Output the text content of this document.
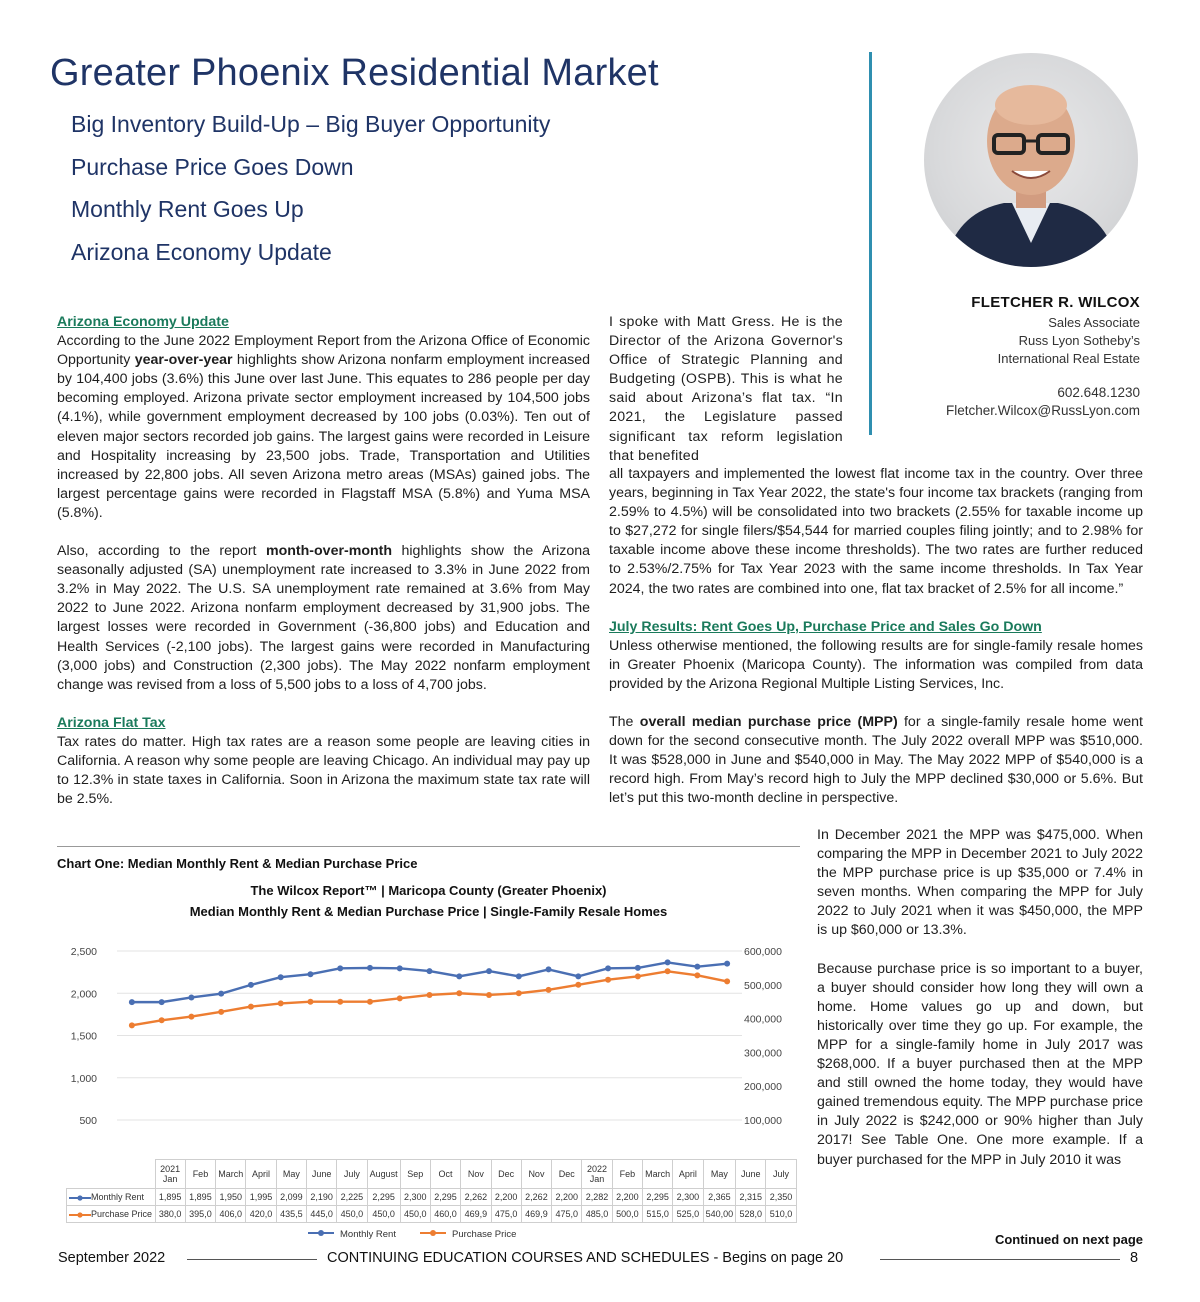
Greater Phoenix Residential Market
Big Inventory Build-Up – Big Buyer Opportunity
Purchase Price Goes Down
Monthly Rent Goes Up
Arizona Economy Update
FLETCHER R. WILCOX
Sales Associate
Russ Lyon Sotheby’s
International Real Estate
602.648.1230
Fletcher.Wilcox@RussLyon.com

Arizona Economy Update

According to the June 2022 Employment Report from the Arizona Office of Economic Opportunity year-over-year highlights show Arizona nonfarm employment increased by 104,400 jobs (3.6%) this June over last June. This equates to 286 people per day becoming employed. Arizona private sector employment increased by 104,500 jobs (4.1%), while government employment decreased by 100 jobs (0.03%). Ten out of eleven major sectors recorded job gains. The largest gains were recorded in Leisure and Hospitality increasing by 23,500 jobs. Trade, Transportation and Utilities increased by 22,800 jobs. All seven Arizona metro areas (MSAs) gained jobs. The largest percentage gains were recorded in Flagstaff MSA (5.8%) and Yuma MSA (5.8%).

Also, according to the report month-over-month highlights show the Arizona seasonally adjusted (SA) unemployment rate increased to 3.3% in June 2022 from 3.2% in May 2022. The U.S. SA unemployment rate remained at 3.6% from May 2022 to June 2022. Arizona nonfarm employment decreased by 31,900 jobs. The largest losses were recorded in Government (-36,800 jobs) and Education and Health Services (-2,100 jobs). The largest gains were recorded in Manufacturing (3,000 jobs) and Construction (2,300 jobs). The May 2022 nonfarm employment change was revised from a loss of 5,500 jobs to a loss of 4,700 jobs.

Arizona Flat Tax

Tax rates do matter. High tax rates are a reason some people are leaving cities in California. A reason why some people are leaving Chicago. An individual may pay up to 12.3% in state taxes in California. Soon in Arizona the maximum state tax rate will be 2.5%.

I spoke with Matt Gress. He is the Director of the Arizona Governor's Office of Strategic Planning and Budgeting (OSPB). This is what he said about Arizona’s flat tax. “In 2021, the Legislature passed significant tax reform legislation that benefited

all taxpayers and implemented the lowest flat income tax in the country. Over three years, beginning in Tax Year 2022, the state's four income tax brackets (ranging from 2.59% to 4.5%) will be consolidated into two brackets (2.55% for taxable income up to $27,272 for single filers/$54,544 for married couples filing jointly; and to 2.98% for taxable income above these income thresholds). The two rates are further reduced to 2.53%/2.75% for Tax Year 2023 with the same income thresholds. In Tax Year 2024, the two rates are combined into one, flat tax bracket of 2.5% for all income.”

July Results: Rent Goes Up, Purchase Price and Sales Go Down

Unless otherwise mentioned, the following results are for single-family resale homes in Greater Phoenix (Maricopa County). The information was compiled from data provided by the Arizona Regional Multiple Listing Services, Inc.

The overall median purchase price (MPP) for a single-family resale home went down for the second consecutive month. The July 2022 overall MPP was $510,000. It was $528,000 in June and $540,000 in May. The May 2022 MPP of $540,000 is a record high. From May’s record high to July the MPP declined $30,000 or 5.6%. But let’s put this two-month decline in perspective.

In December 2021 the MPP was $475,000. When comparing the MPP in December 2021 to July 2022 the MPP purchase price is up $35,000 or 7.4% in seven months. When comparing the MPP for July 2022 to July 2021 when it was $450,000, the MPP is up $60,000 or 13.3%.

Because purchase price is so important to a buyer, a buyer should consider how long they will own a home. Home values go up and down, but historically over time they go up. For example, the MPP for a single-family home in July 2017 was $268,000. If a buyer purchased then at the MPP and still owned the home today, they would have gained tremendous equity. The MPP purchase price in July 2022 is $242,000 or 90% higher than July 2017! See Table One. One more example. If a buyer purchased for the MPP in July 2010 it was

Continued on next page
Chart One: Median Monthly Rent & Median Purchase Price
The Wilcox Report™ | Maricopa County (Greater Phoenix)
Median Monthly Rent & Median Purchase Price | Single-Family Resale Homes
2,500
2,000
1,500
1,000
500
600,000
500,000
400,000
300,000
200,000
100,000
	2021 Jan	Feb	March	April	May	June	July	August	Sep	Oct	Nov	Dec	Nov	Dec	2022 Jan	Feb	March	April	May	June	July
Monthly Rent	1,895	1,895	1,950	1,995	2,099	2,190	2,225	2,295	2,300	2,295	2,262	2,200	2,262	2,200	2,282	2,200	2,295	2,300	2,365	2,315	2,350
Purchase Price	380,0	395,0	406,0	420,0	435,5	445,0	450,0	450,0	450,0	460,0	469,9	475,0	469,9	475,0	485,0	500,0	515,0	525,0	540,00	528,0	510,0
Monthly Rent	Purchase Price
September 2022	CONTINUING EDUCATION COURSES AND SCHEDULES - Begins on page 20	8
